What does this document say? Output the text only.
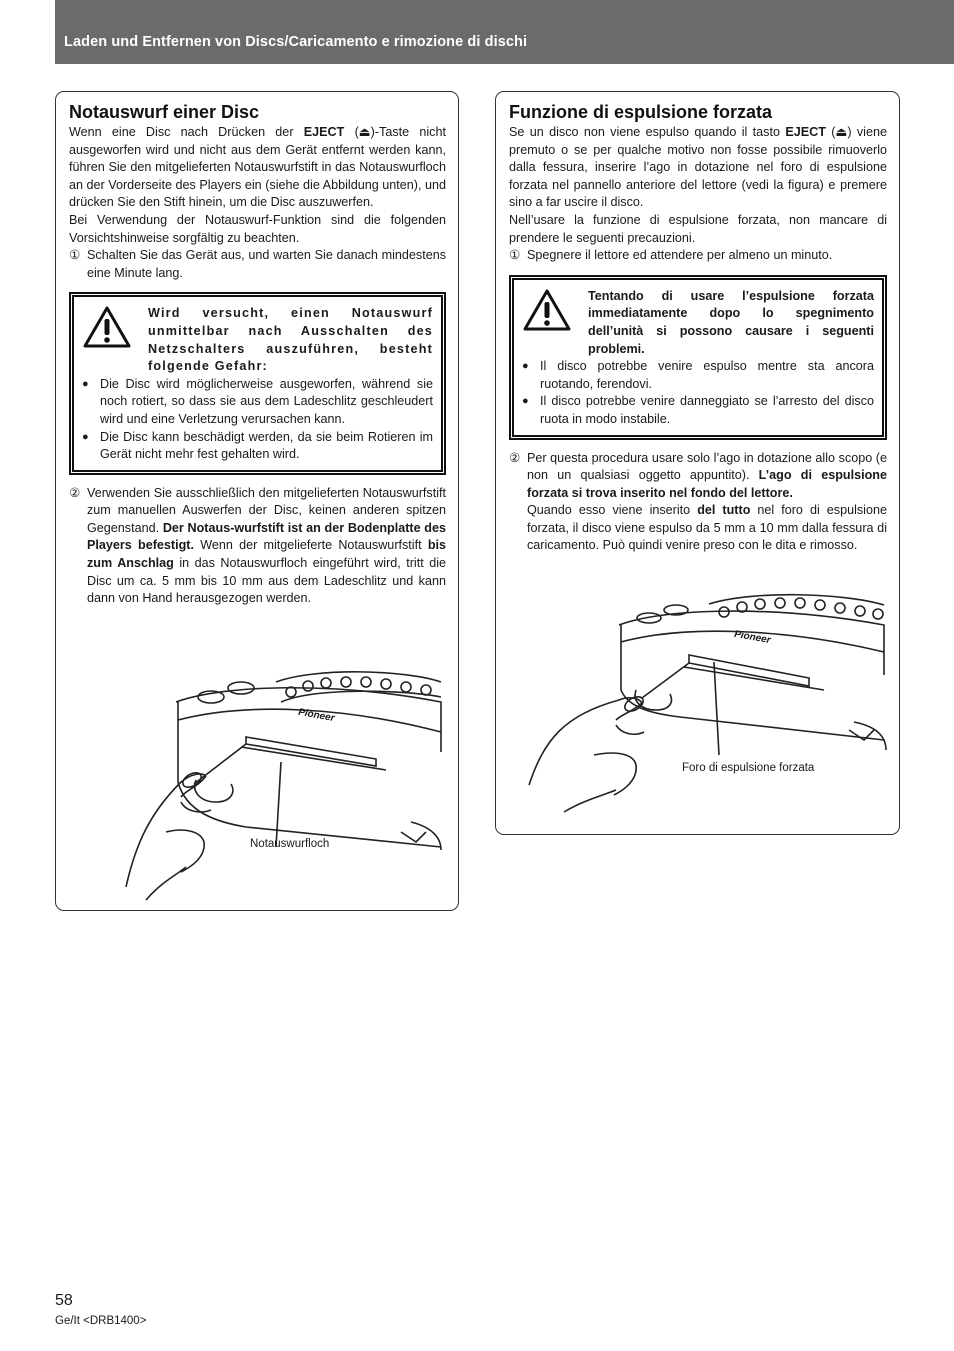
Laden und Entfernen von Discs/Caricamento e rimozione di dischi
Notauswurf einer Disc

Wenn eine Disc nach Drücken der EJECT (⏏)-Taste nicht ausgeworfen wird und nicht aus dem Gerät entfernt werden kann, führen Sie den mitgelieferten Notauswurfstift in das Notauswurfloch an der Vorderseite des Players ein (siehe die Abbildung unten), und drücken Sie den Stift hinein, um die Disc auszuwerfen.

Bei Verwendung der Notauswurf-Funktion sind die folgenden Vorsichtshinweise sorgfältig zu beachten.

① Schalten Sie das Gerät aus, und warten Sie danach mindestens eine Minute lang.
Wird versucht, einen Notauswurf unmittelbar nach Ausschalten des Netzschalters auszuführen, besteht folgende Gefahr:
● Die Disc wird möglicherweise ausgeworfen, während sie noch rotiert, so dass sie aus dem Ladeschlitz geschleudert wird und eine Verletzung verursachen kann.
● Die Disc kann beschädigt werden, da sie beim Rotieren im Gerät nicht mehr fest gehalten wird.
② Verwenden Sie ausschließlich den mitgelieferten Notauswurfstift zum manuellen Auswerfen der Disc, keinen anderen spitzen Gegenstand. Der Notaus-wurfstift ist an der Bodenplatte des Players befestigt. Wenn der mitgelieferte Notauswurfstift bis zum Anschlag in das Notauswurfloch eingeführt wird, tritt die Disc um ca. 5 mm bis 10 mm aus dem Ladeschlitz und kann dann von Hand herausgezogen werden.
Notauswurfloch
Pioneer
Funzione di espulsione forzata

Se un disco non viene espulso quando il tasto EJECT (⏏) viene premuto o se per qualche motivo non fosse possibile rimuoverlo dalla fessura, inserire l’ago in dotazione nel foro di espulsione forzata nel pannello anteriore del lettore (vedi la figura) e premere sino a far uscire il disco.

Nell’usare la funzione di espulsione forzata, non mancare di prendere le seguenti precauzioni.

① Spegnere il lettore ed attendere per almeno un minuto.
Tentando di usare l’espulsione forzata immediatamente dopo lo spegnimento dell’unità si possono causare i seguenti problemi.
● Il disco potrebbe venire espulso mentre sta ancora ruotando, ferendovi.
● Il disco potrebbe venire danneggiato se l’arresto del disco ruota in modo instabile.
② Per questa procedura usare solo l’ago in dotazione allo scopo (e non un qualsiasi oggetto appuntito). L’ago di espulsione forzata si trova inserito nel fondo del lettore.
Quando esso viene inserito del tutto nel foro di espulsione forzata, il disco viene espulso da 5 mm a 10 mm dalla fessura di caricamento. Può quindi venire preso con le dita e rimosso.
Foro di espulsione forzata
Pioneer
58
Ge/It <DRB1400>
